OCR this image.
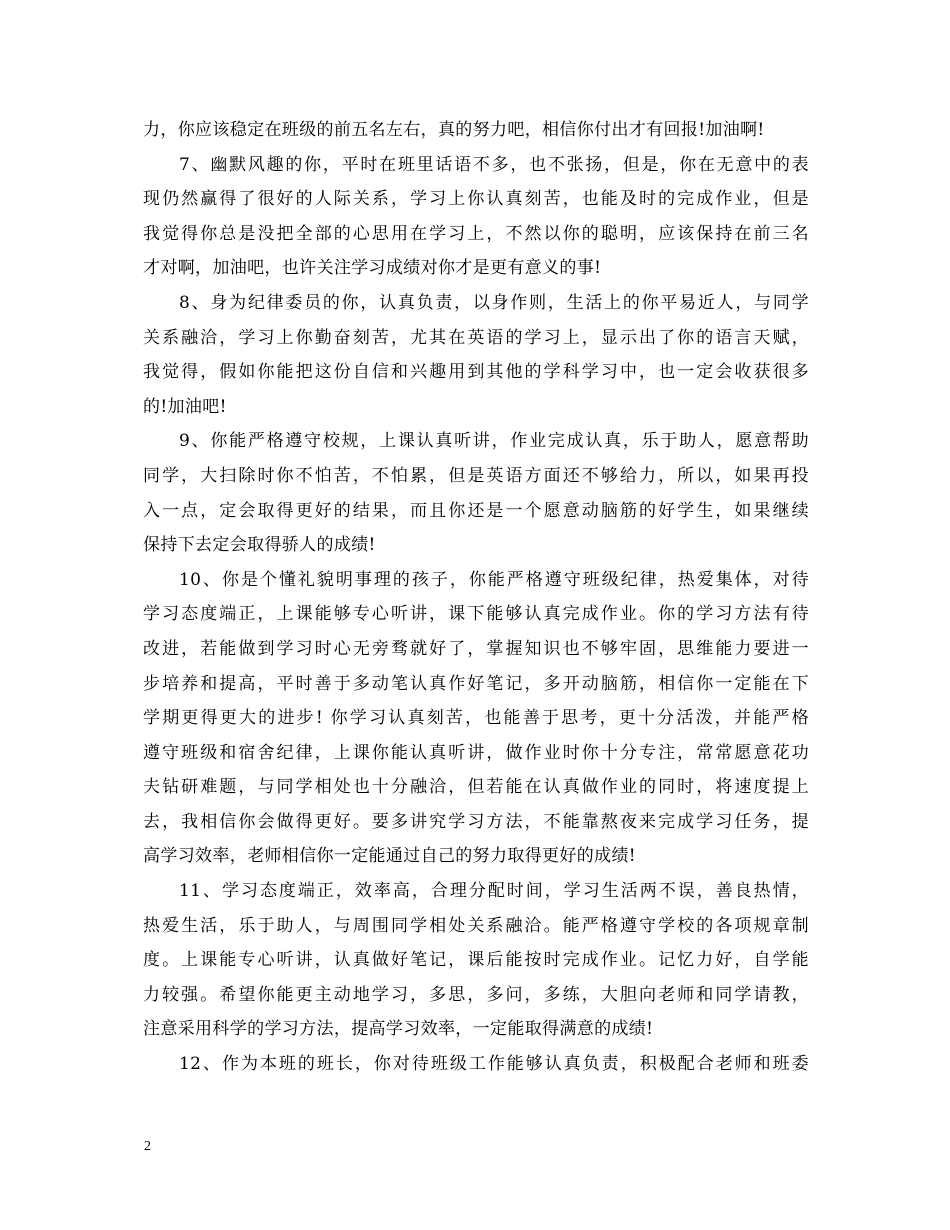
力，你应该稳定在班级的前五名左右，真的努力吧，相信你付出才有回报!加油啊!
7、幽默风趣的你，平时在班里话语不多，也不张扬，但是，你在无意中的表
现仍然赢得了很好的人际关系，学习上你认真刻苦，也能及时的完成作业，但是
我觉得你总是没把全部的心思用在学习上，不然以你的聪明，应该保持在前三名
才对啊，加油吧，也许关注学习成绩对你才是更有意义的事!
8、身为纪律委员的你，认真负责，以身作则，生活上的你平易近人，与同学
关系融洽，学习上你勤奋刻苦，尤其在英语的学习上，显示出了你的语言天赋，
我觉得，假如你能把这份自信和兴趣用到其他的学科学习中，也一定会收获很多
的!加油吧!
9、你能严格遵守校规，上课认真听讲，作业完成认真，乐于助人，愿意帮助
同学，大扫除时你不怕苦，不怕累，但是英语方面还不够给力，所以，如果再投
入一点，定会取得更好的结果，而且你还是一个愿意动脑筋的好学生，如果继续
保持下去定会取得骄人的成绩!
10、你是个懂礼貌明事理的孩子，你能严格遵守班级纪律，热爱集体，对待
学习态度端正，上课能够专心听讲，课下能够认真完成作业。你的学习方法有待
改进，若能做到学习时心无旁骛就好了，掌握知识也不够牢固，思维能力要进一
步培养和提高，平时善于多动笔认真作好笔记，多开动脑筋，相信你一定能在下
学期更得更大的进步! 你学习认真刻苦，也能善于思考，更十分活泼，并能严格
遵守班级和宿舍纪律，上课你能认真听讲，做作业时你十分专注，常常愿意花功
夫钻研难题，与同学相处也十分融洽，但若能在认真做作业的同时，将速度提上
去，我相信你会做得更好。要多讲究学习方法，不能靠熬夜来完成学习任务，提
高学习效率，老师相信你一定能通过自己的努力取得更好的成绩!
11、学习态度端正，效率高，合理分配时间，学习生活两不误，善良热情，
热爱生活，乐于助人，与周围同学相处关系融洽。能严格遵守学校的各项规章制
度。上课能专心听讲，认真做好笔记，课后能按时完成作业。记忆力好，自学能
力较强。希望你能更主动地学习，多思，多问，多练，大胆向老师和同学请教，
注意采用科学的学习方法，提高学习效率，一定能取得满意的成绩!
12、作为本班的班长，你对待班级工作能够认真负责，积极配合老师和班委
2
